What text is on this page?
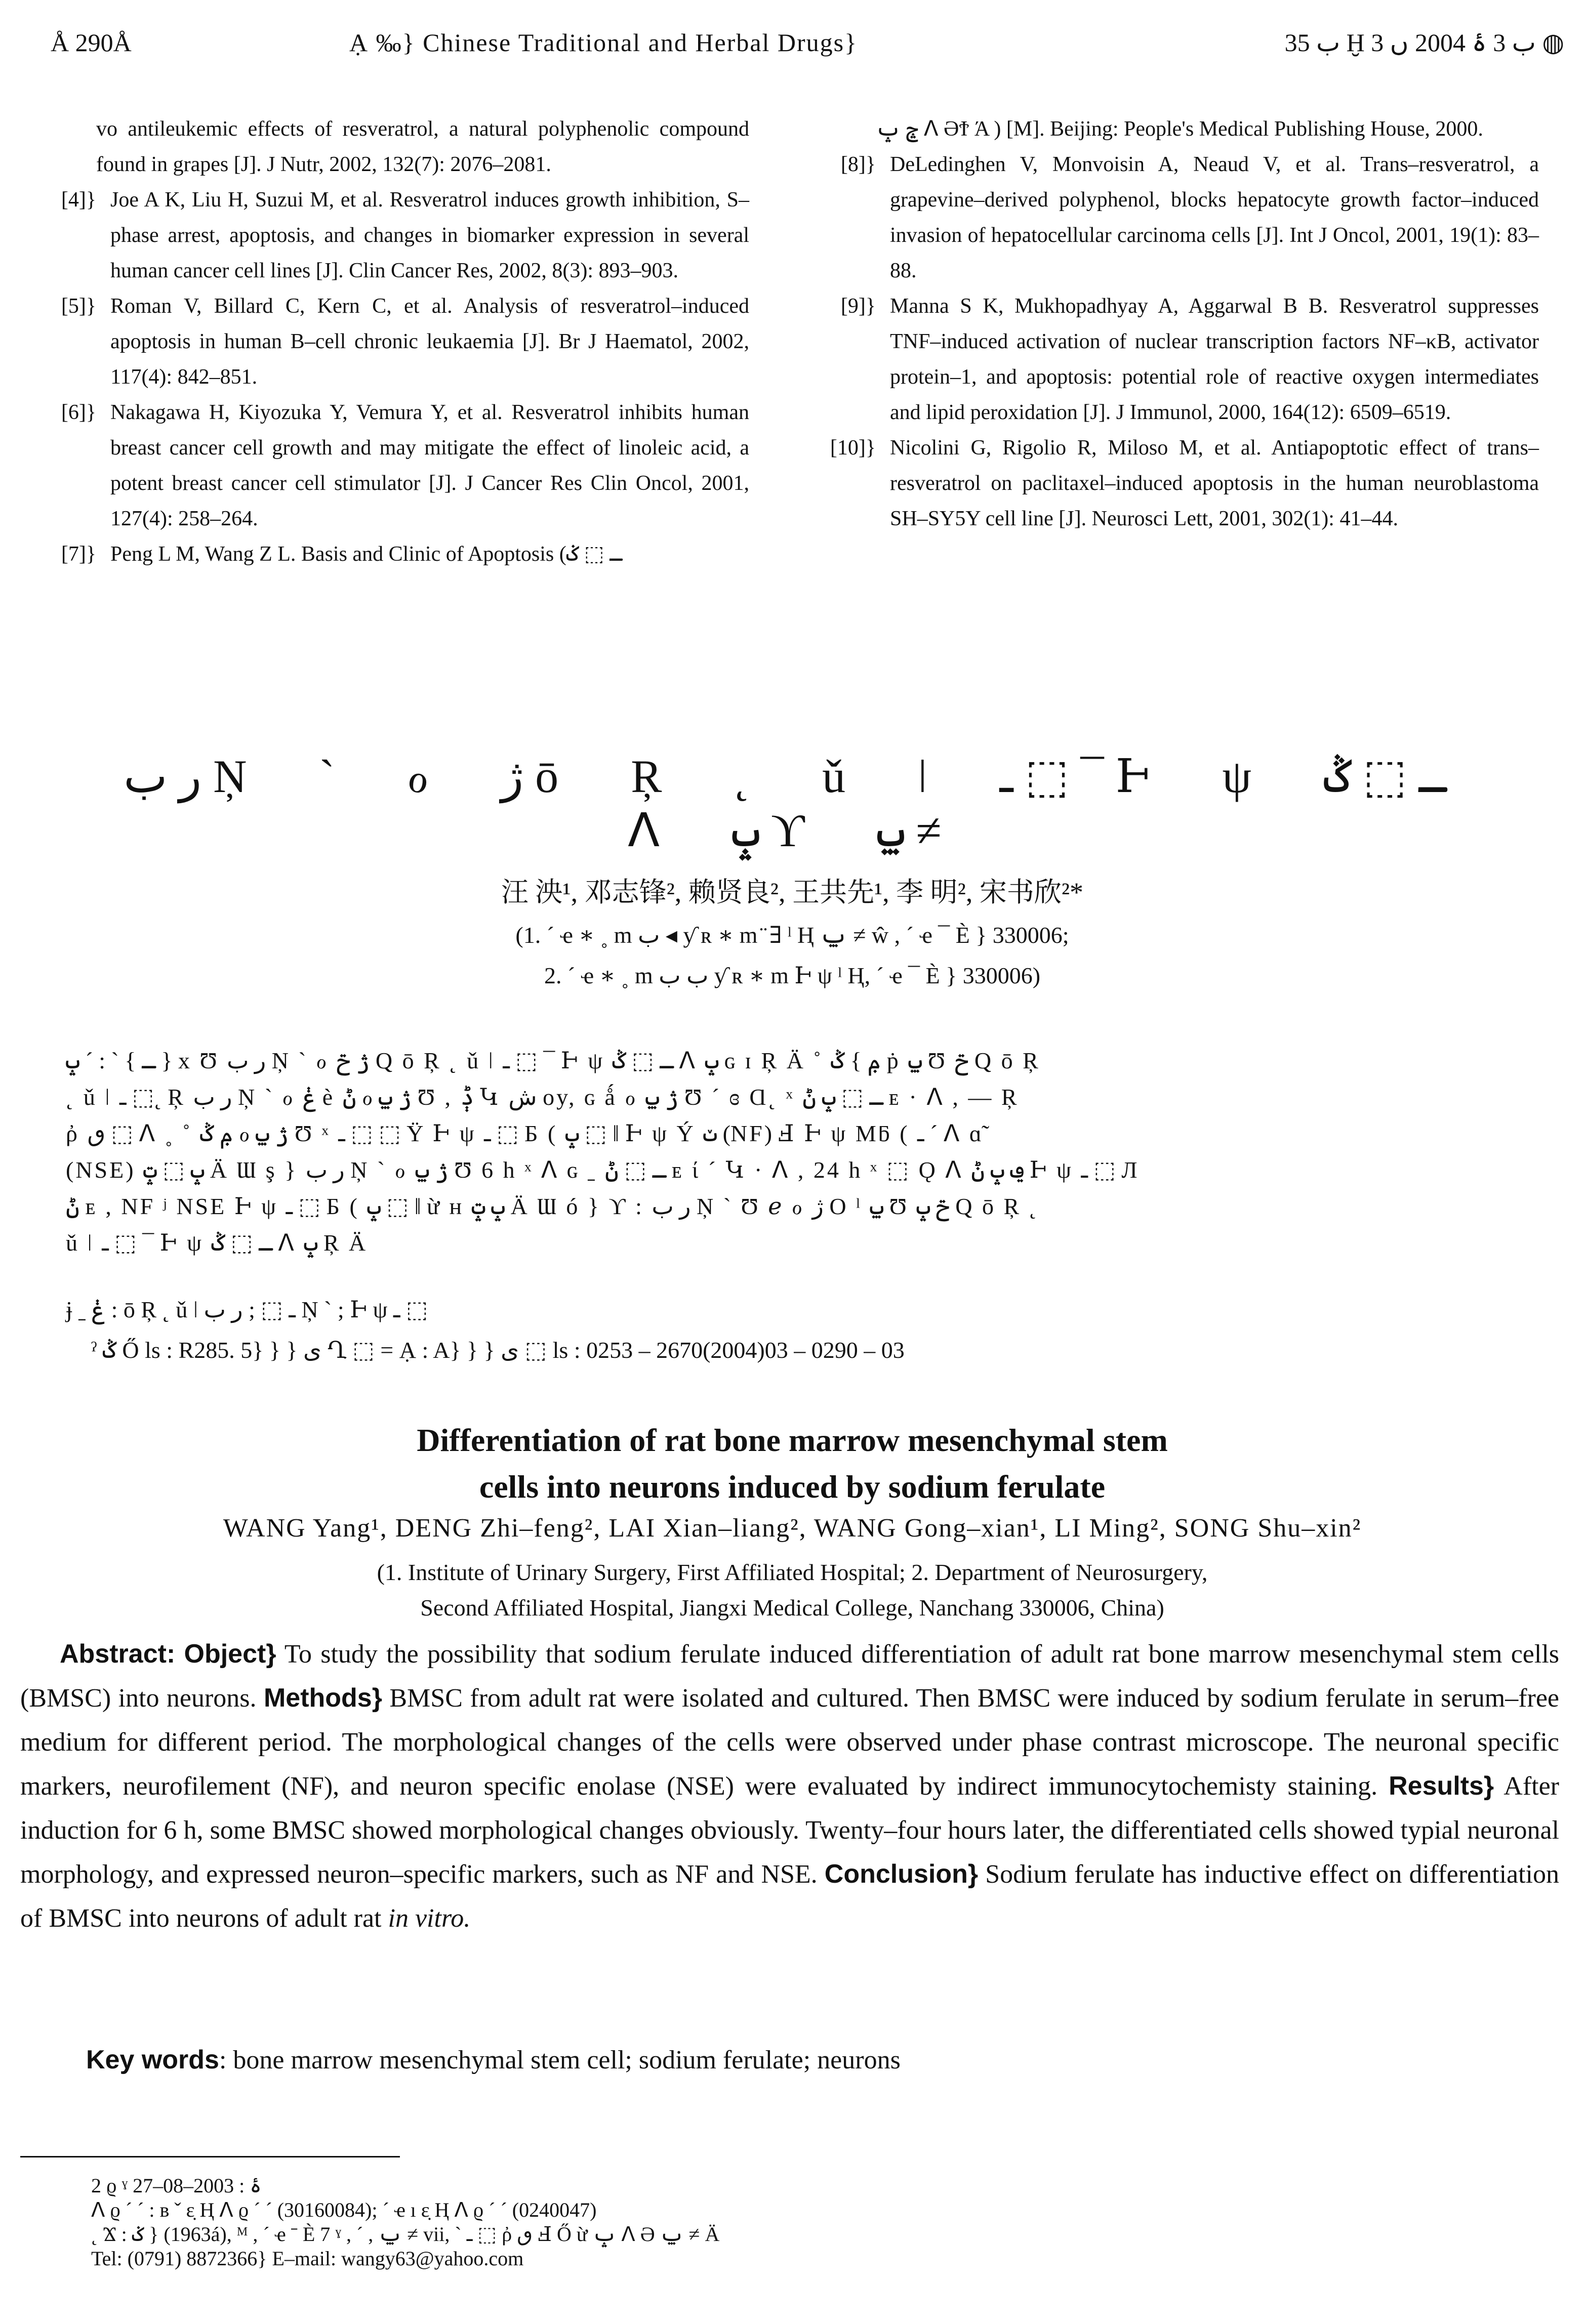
Å 290Å	Ạ ‰} Chinese Traditional and Herbal Drugs}	ب 35 Ḫ ب 3 ۂ 2004 ں 3 ◍
vo antileukemic effects of resveratrol, a natural polyphenolic compound found in grapes [J]. J Nutr, 2002, 132(7): 2076–2081.
[4]} Joe A K, Liu H, Suzui M, et al. Resveratrol induces growth inhibition, S–phase arrest, apoptosis, and changes in biomarker expression in several human cancer cell lines [J]. Clin Cancer Res, 2002, 8(3): 893–903.
[5]} Roman V, Billard C, Kern C, et al. Analysis of resveratrol–induced apoptosis in human B–cell chronic leukaemia [J]. Br J Haematol, 2002, 117(4): 842–851.
[6]} Nakagawa H, Kiyozuka Y, Vemura Y, et al. Resveratrol inhibits human breast cancer cell growth and may mitigate the effect of linoleic acid, a potent breast cancer cell stimulator [J]. J Cancer Res Clin Oncol, 2001, 127(4): 258–264.
[7]} Peng L M, Wang Z L. Basis and Clinic of Apoptosis (ـ ⬚ ݢ
ݘ ݒ ᐱ ӘϮ Ά ) [M]. Beijing: People's Medical Publishing House, 2000.
[8]} DeLedinghen V, Monvoisin A, Neaud V, et al. Trans–resveratrol, a grapevine–derived polyphenol, blocks hepatocyte growth factor–induced invasion of hepatocellular carcinoma cells [J]. Int J Oncol, 2001, 19(1): 83–88.
[9]} Manna S K, Mukhopadhyay A, Aggarwal B B. Resveratrol suppresses TNF–induced activation of nuclear transcription factors NF–κB, activator protein–1, and apoptosis: potential role of reactive oxygen intermediates and lipid peroxidation [J]. J Immunol, 2000, 164(12): 6509–6519.
[10]} Nicolini G, Rigolio R, Miloso M, et al. Antiapoptotic effect of trans–resveratrol on paclitaxel–induced apoptosis in the human neuroblastoma SH–SY5Y cell line [J]. Neurosci Lett, 2001, 302(1): 41–44.
ر ب Ņ ˋ ℴ ژ ō Ŗ ˛ ǔ ǀ ـ ⬚ ¯ Ͱ ψ ـ ⬚ ݣ ᐱ ݒ ϒ ݐ ≠
汪 泱¹, 邓志锋², 赖贤良², 王共先¹, 李 明², 宋书欣²*
(1. ˊ ҽ ∗ ˳ m ب ◂ ƴ ʀ ∗ m ̈ ∃ ˡ Ⱨ ݐ ≠ ŵ , ˊ ҽ ¯ È } 330006;
2. ˊ ҽ ∗ ˳ m ب ب ƴ ʀ ∗ m Ͱ ψ ˡ Ⱨ, ˊ ҽ ¯ È } 330006)
ـ } ˋ : ˊ ݒ } x Ʊ ر ب Ņ ˋ ℴ ژ ݗ Q ō Ŗ ˛ ǔ ǀ ـ ⬚ ¯ Ͱ ψ ـ ⬚ ݣ ᐱ ݒ ɢ ɪ Ŗ Ä ˚ ݦ } ݣ ṗ ݐ Ʊ ݗ Q ō Ŗ
˛ ǔ ǀ ـ ⬚˛ Ŗ ر ب Ņ ˋ ℴ ݟ è ݨ ℴ ژ ݐ Ʊ , ݙ Կ ش oy, ɢ ǻ ℴ ژ ݐ Ʊ ˊ ɞ Ɑ˛ ˣ ـ ⬚ ݒ ݨ ᴇ · ᐱ , ― Ŗ
ῤ ٯ ⬚ ᐱ ˳ ˚ ݦ ݣ ℴ ژ ݐ Ʊ ˣ ـ ⬚ ⬚ Ϋ Ͱ ψ ـ ⬚ Ƃ ( ݒ ⬚ ‖ Ͱ ψ Ý ݖ (NF) Ⅎ Ͱ ψ Mƃ ( ـ ˊ ᐱ ɑ̃
(NSE) ݒ ⬚ ݓ Ä Ɯ ş } ر ب Ņ ˋ ℴ ژ ݐ Ʊ 6 h ˣ ᐱ ɢ ˍ ـ ⬚ ݨ ᴇ ί ˊ Կ · ᐱ , 24 h ˣ ⬚ Ǫ ᐱ ݠ ݒ ݨ Ͱ ψ ـ ⬚ Л
ݨ ᴇ , NF ʲ NSE Ͱ ψ ـ ⬚ Ƃ ( ݒ ⬚ ‖ ừ ʜ ݒ ݓ Ä Ɯ ó } ϒ : ر ب Ņ ˋ Ʊ ℯ ℴ ژ O ˡ ݐ Ʊ ݗ ݒ Q ō Ŗ ˛
ǔ ǀ ـ ⬚ ¯ Ͱ ψ ـ ⬚ ݣ ᐱ ݒ Ŗ Ä
ɉ ˍ ݟ : ō Ŗ ˛ ǔ ǀ ـ ⬚ ; ر ب Ņ ˋ ; Ͱ ψ ـ ⬚
ˀ ݣ Ő ls : R285. 5} } } ی Ղ ⬚ = Ạ : A} } } ی ⬚ ls : 0253 – 2670(2004)03 – 0290 – 03
Differentiation of rat bone marrow mesenchymal stem
cells into neurons induced by sodium ferulate
WANG Yang¹, DENG Zhi–feng², LAI Xian–liang², WANG Gong–xian¹, LI Ming², SONG Shu–xin²
(1. Institute of Urinary Surgery, First Affiliated Hospital; 2. Department of Neurosurgery,
Second Affiliated Hospital, Jiangxi Medical College, Nanchang 330006, China)
  Abstract: Object} To study the possibility that sodium ferulate induced differentiation of adult rat bone marrow mesenchymal stem cells (BMSC) into neurons. Methods} BMSC from adult rat were isolated and cultured. Then BMSC were induced by sodium ferulate in serum–free medium for different period. The morphological changes of the cells were observed under phase contrast microscope. The neuronal specific markers, neurofilement (NF), and neuron specific enolase (NSE) were evaluated by indirect immunocytochemisty staining. Results} After induction for 6 h, some BMSC showed morphological changes obviously. Twenty–four hours later, the differentiated cells showed typial neuronal morphology, and expressed neuron–specific markers, such as NF and NSE. Conclusion} Sodium ferulate has inductive effect on differentiation of BMSC into neurons of adult rat in vitro.
Key words: bone marrow mesenchymal stem cell; sodium ferulate; neurons
2 ϱ ˠ ۂ : 2003–08–27
ᐱ ϱ ˊ ˊ : ʙ ˇ ɛ̣ Ⱨ ᐱ ϱ ˊ ˊ (30160084); ˊ ҽ ı ɛ̣ Ⱨ ᐱ ϱ ˊ ˊ (0240047)
˛ Ϫ : ݢ } (1963á), ᴹ , ˊ ҽ ˉ È 7 ˠ , ˊ , ݐ ≠ vii, ˋ ـ ⬚ ῤ ٯ Ⅎ Ő ừ ݒ ᐱ Ә ݐ ≠ Ä
Tel: (0791) 8872366} E–mail: wangy63@yahoo.com
